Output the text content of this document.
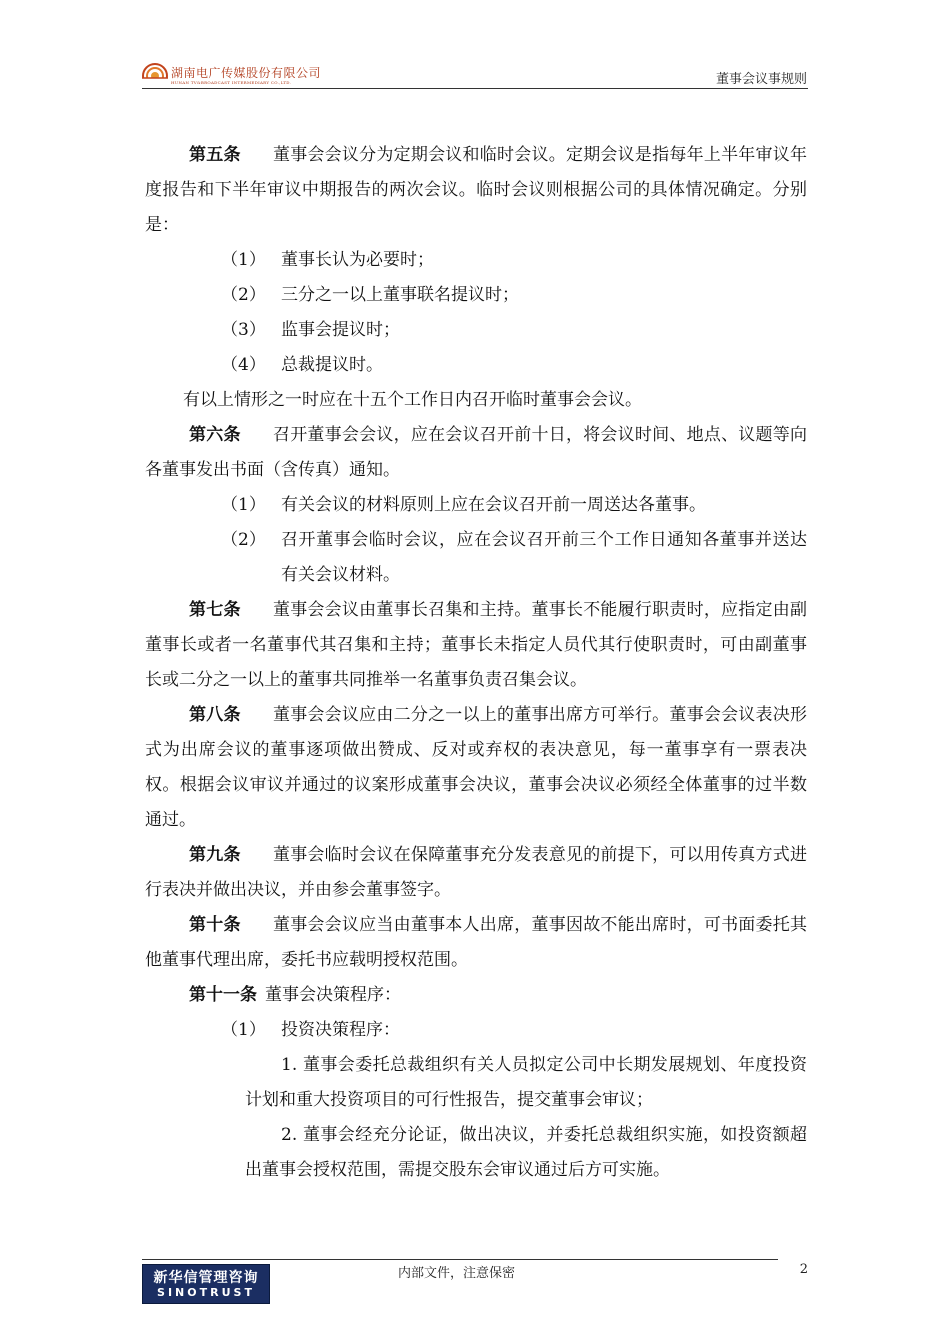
湖南电广传媒股份有限公司
HUNAN TV&BROADCAST INTERMEDIARY CO.,LTD.	董事会议事规则

第五条 董事会会议分为定期会议和临时会议。定期会议是指每年上半年审议年度报告和下半年审议中期报告的两次会议。临时会议则根据公司的具体情况确定。分别是：

（1） 董事长认为必要时；

（2） 三分之一以上董事联名提议时；

（3） 监事会提议时；

（4） 总裁提议时。

有以上情形之一时应在十五个工作日内召开临时董事会会议。

第六条 召开董事会会议，应在会议召开前十日，将会议时间、地点、议题等向各董事发出书面（含传真）通知。

（1） 有关会议的材料原则上应在会议召开前一周送达各董事。

（2） 召开董事会临时会议，应在会议召开前三个工作日通知各董事并送达有关会议材料。

第七条 董事会会议由董事长召集和主持。董事长不能履行职责时，应指定由副董事长或者一名董事代其召集和主持；董事长未指定人员代其行使职责时，可由副董事长或二分之一以上的董事共同推举一名董事负责召集会议。

第八条 董事会会议应由二分之一以上的董事出席方可举行。董事会会议表决形式为出席会议的董事逐项做出赞成、反对或弃权的表决意见，每一董事享有一票表决权。根据会议审议并通过的议案形成董事会决议，董事会决议必须经全体董事的过半数通过。

第九条 董事会临时会议在保障董事充分发表意见的前提下，可以用传真方式进行表决并做出决议，并由参会董事签字。

第十条 董事会会议应当由董事本人出席，董事因故不能出席时，可书面委托其他董事代理出席，委托书应载明授权范围。

第十一条 董事会决策程序：

（1） 投资决策程序：

1. 董事会委托总裁组织有关人员拟定公司中长期发展规划、年度投资计划和重大投资项目的可行性报告，提交董事会审议；

2. 董事会经充分论证，做出决议，并委托总裁组织实施，如投资额超出董事会授权范围，需提交股东会审议通过后方可实施。

新华信管理咨询
SINOTRUST
内部文件，注意保密	2
